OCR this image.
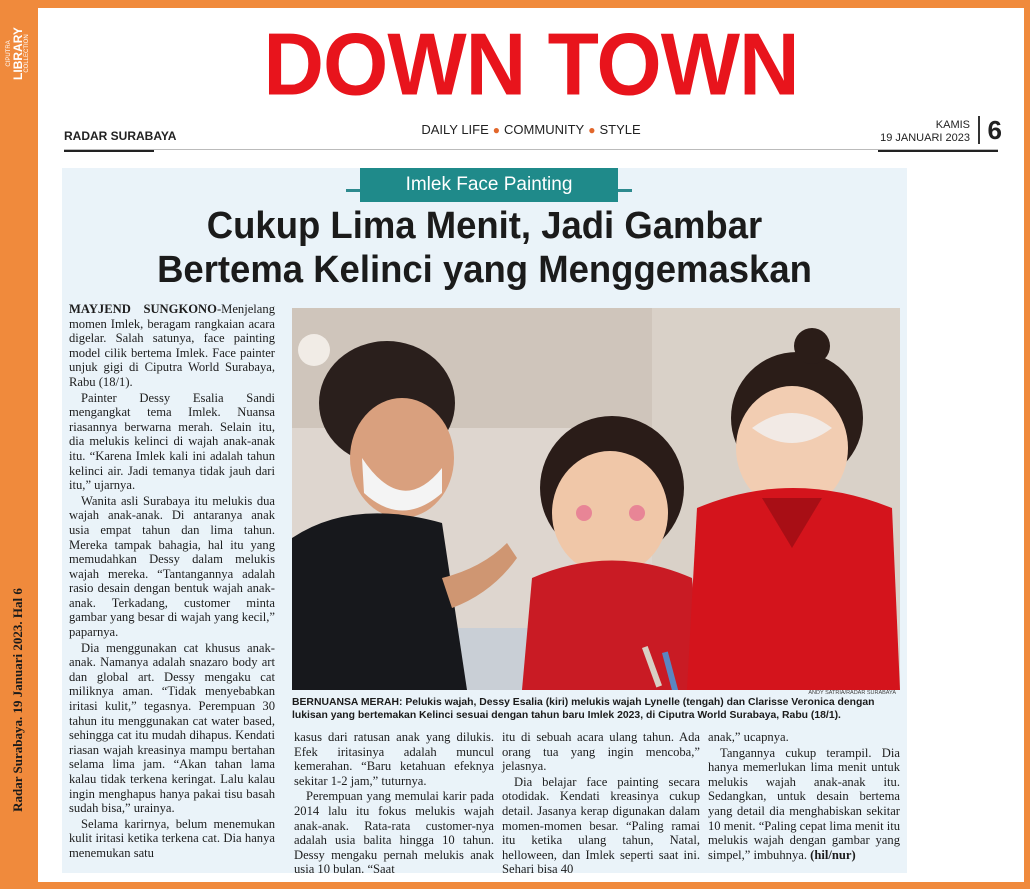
CIPUTRA LIBRARY COLLECTION
Radar Surabaya. 19 Januari 2023. Hal 6
DOWN TOWN
RADAR SURABAYA	DAILY LIFE ● COMMUNITY ● STYLE	KAMIS
19 JANUARI 2023 6
Imlek Face Painting
Cukup Lima Menit, Jadi Gambar
Bertema Kelinci yang Menggemaskan

MAYJEND SUNGKONO-Menjelang momen Imlek, beragam rangkaian acara digelar. Salah satunya, face painting model cilik bertema Imlek. Face painter unjuk gigi di Ciputra World Surabaya, Rabu (18/1).

Painter Dessy Esalia Sandi mengangkat tema Imlek. Nuansa riasannya berwarna merah. Selain itu, dia melukis kelinci di wajah anak-anak itu. “Karena Imlek kali ini adalah tahun kelinci air. Jadi temanya tidak jauh dari itu,” ujarnya.

Wanita asli Surabaya itu melukis dua wajah anak-anak. Di antaranya anak usia empat tahun dan lima tahun. Mereka tampak bahagia, hal itu yang memudahkan Dessy dalam melukis wajah mereka. “Tantangannya adalah rasio desain dengan bentuk wajah anak-anak. Terkadang, customer minta gambar yang besar di wajah yang kecil,” paparnya.

Dia menggunakan cat khusus anak-anak. Namanya adalah snazaro body art dan global art. Dessy mengaku cat miliknya aman. “Tidak menyebabkan iritasi kulit,” tegasnya. Perempuan 30 tahun itu menggunakan cat water based, sehingga cat itu mudah dihapus. Kendati riasan wajah kreasinya mampu bertahan selama lima jam. “Akan tahan lama kalau tidak terkena keringat. Lalu kalau ingin menghapus hanya pakai tisu basah sudah bisa,” urainya.

Selama karirnya, belum menemukan kulit iritasi ketika terkena cat. Dia hanya menemukan satu

ANDY SATRIA/RADAR SURABAYA
BERNUANSA MERAH: Pelukis wajah, Dessy Esalia (kiri) melukis wajah Lynelle (tengah) dan Clarisse Veronica dengan lukisan yang bertemakan Kelinci sesuai dengan tahun baru Imlek 2023, di Ciputra World Surabaya, Rabu (18/1).

kasus dari ratusan anak yang dilukis. Efek iritasinya adalah muncul kemerahan. “Baru ketahuan efeknya sekitar 1-2 jam,” tuturnya.

Perempuan yang memulai karir pada 2014 lalu itu fokus melukis wajah anak-anak. Rata-rata customer-nya adalah usia balita hingga 10 tahun. Dessy mengaku pernah melukis anak usia 10 bulan. “Saat

itu di sebuah acara ulang tahun. Ada orang tua yang ingin mencoba,” jelasnya.

Dia belajar face painting secara otodidak. Kendati kreasinya cukup detail. Jasanya kerap digunakan dalam momen-momen besar. “Paling ramai itu ketika ulang tahun, Natal, helloween, dan Imlek seperti saat ini. Sehari bisa 40

anak,” ucapnya.

Tangannya cukup terampil. Dia hanya memerlukan lima menit untuk melukis wajah anak-anak itu. Sedangkan, untuk desain bertema yang detail dia menghabiskan sekitar 10 menit. “Paling cepat lima menit itu melukis wajah dengan gambar yang simpel,” imbuhnya. (hil/nur)
